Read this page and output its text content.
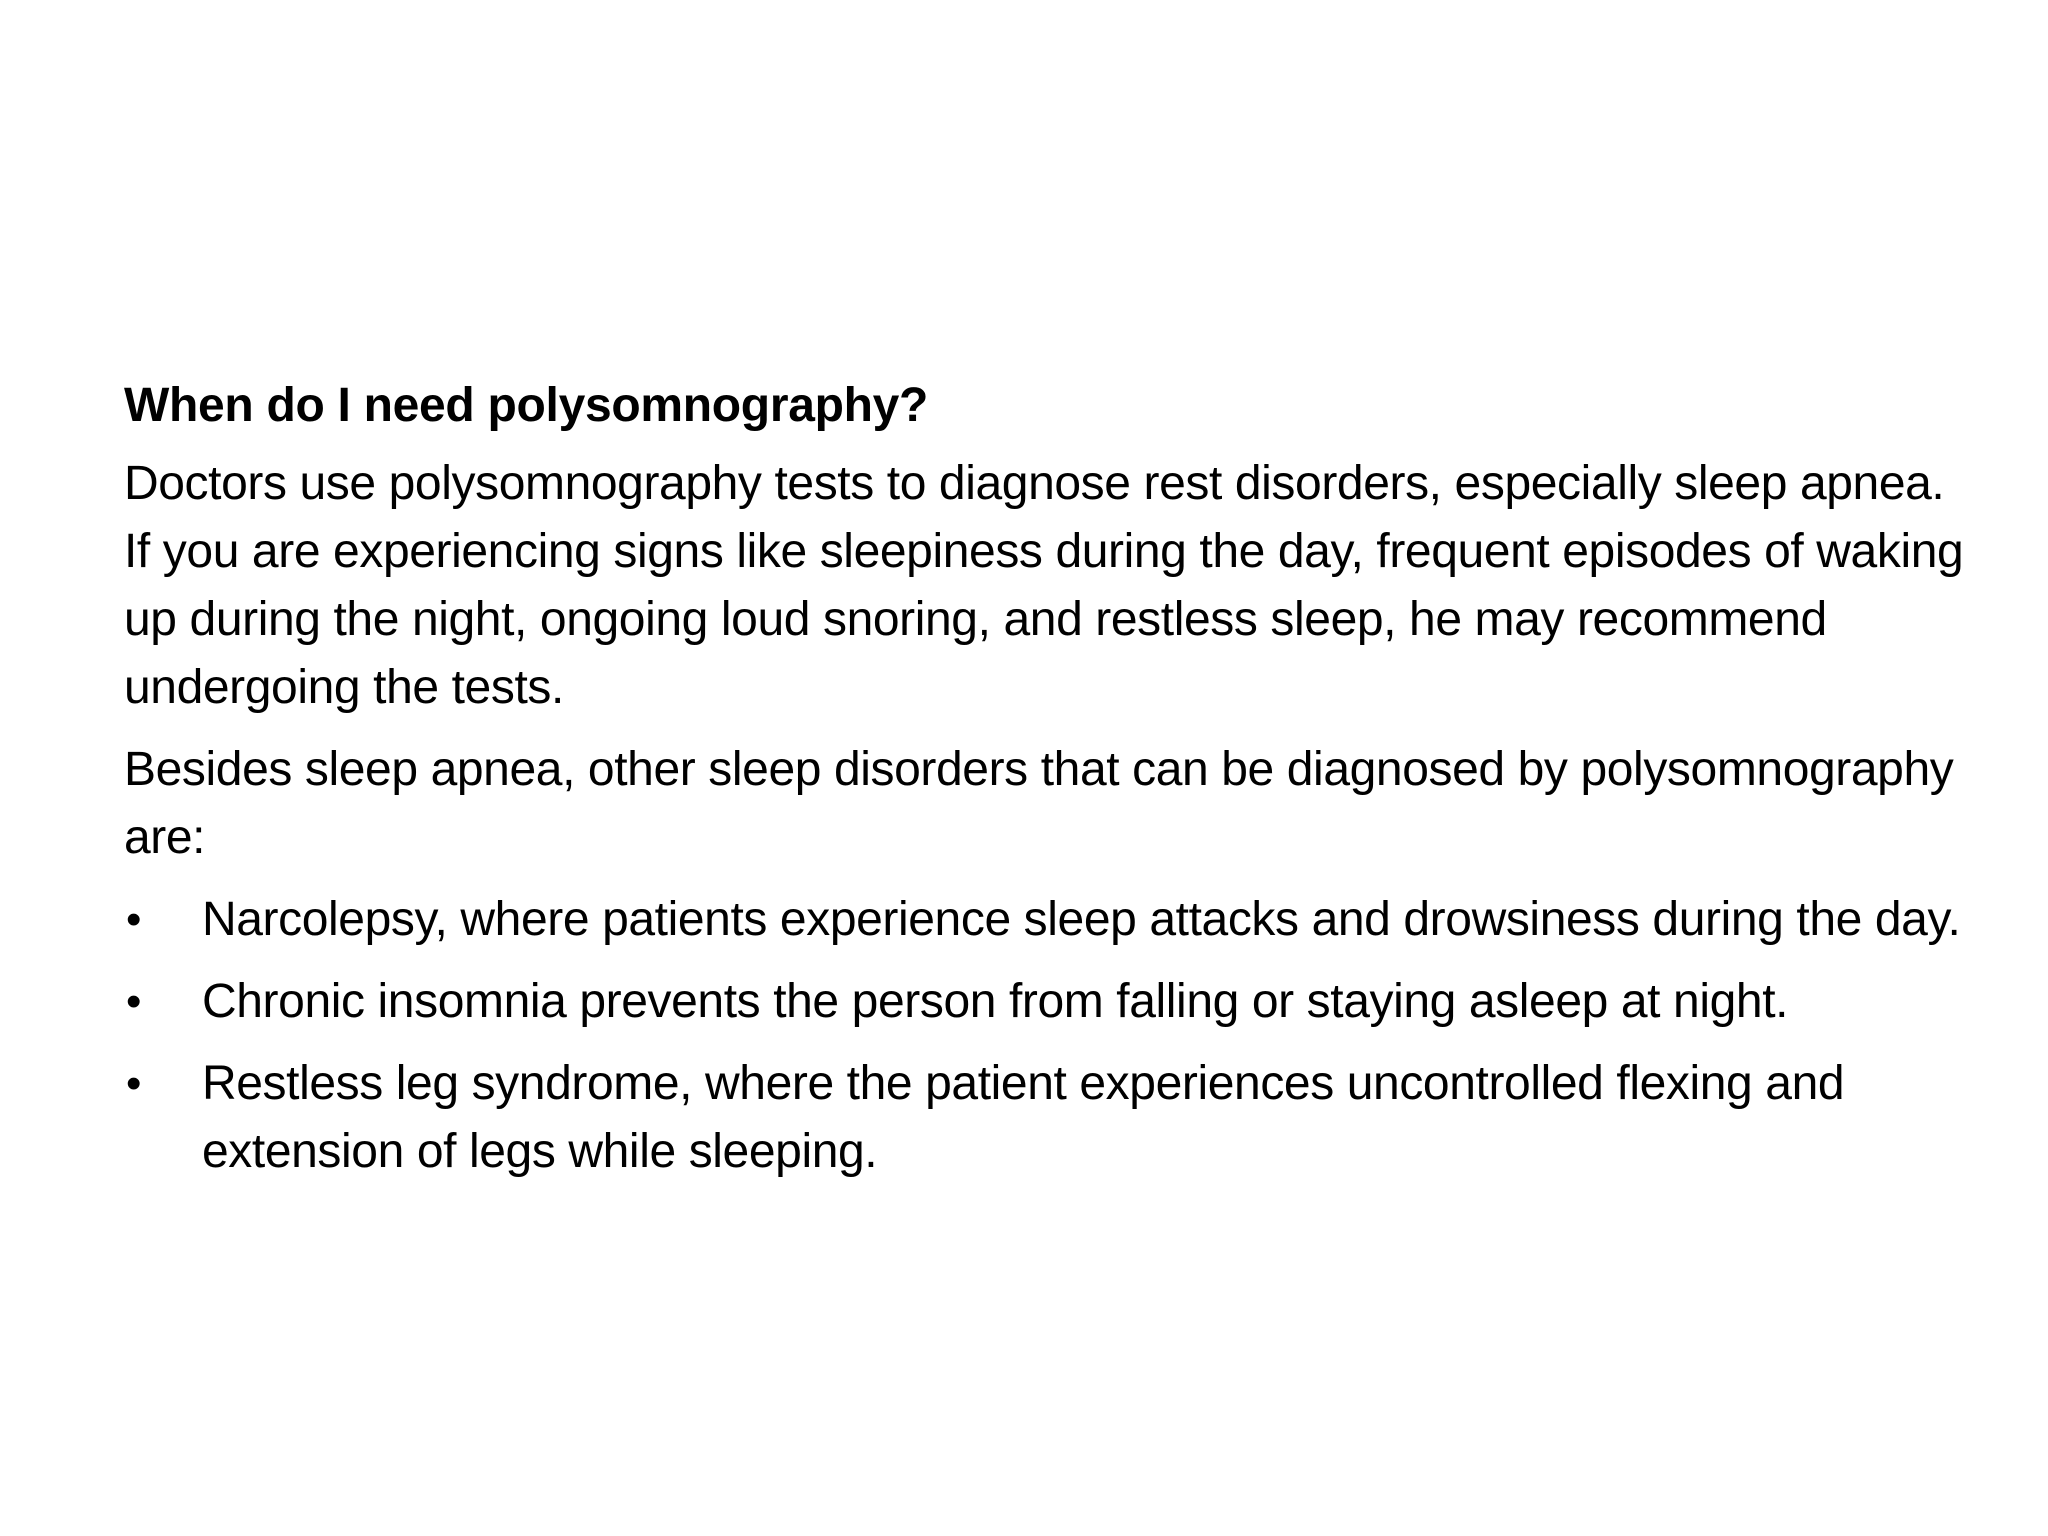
When do I need polysomnography?

Doctors use polysomnography tests to diagnose rest disorders, especially sleep apnea. If you are experiencing signs like sleepiness during the day, frequent episodes of waking up during the night, ongoing loud snoring, and restless sleep, he may recommend undergoing the tests.

Besides sleep apnea, other sleep disorders that can be diagnosed by polysomnography are:

• Narcolepsy, where patients experience sleep attacks and drowsiness during the day.
• Chronic insomnia prevents the person from falling or staying asleep at night.
• Restless leg syndrome, where the patient experiences uncontrolled flexing and extension of legs while sleeping.
